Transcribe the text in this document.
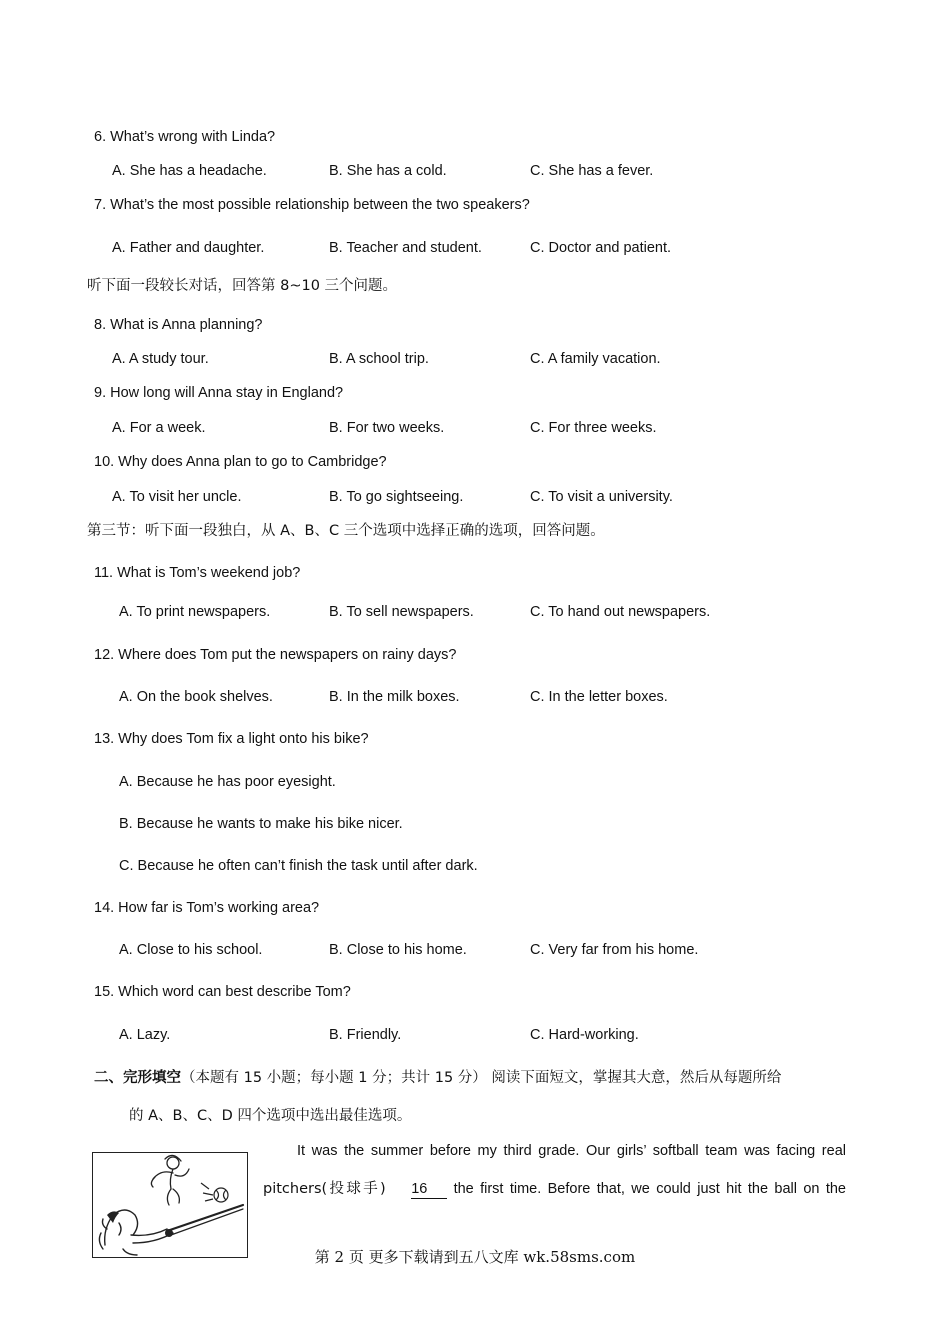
6. What’s wrong with Linda?
A. She has a headache.	B. She has a cold.	C. She has a fever.
7. What’s the most possible relationship between the two speakers?
A. Father and daughter.	B. Teacher and student.	C. Doctor and patient.
听下面一段较长对话，回答第 8~10 三个问题。
8. What is Anna planning?
A. A study tour.	B. A school trip.	C. A family vacation.
9. How long will Anna stay in England?
A. For a week.	B. For two weeks.	C. For three weeks.
10. Why does Anna plan to go to Cambridge?
A. To visit her uncle.	B. To go sightseeing.	C. To visit a university.
第三节：听下面一段独白，从 A、B、C 三个选项中选择正确的选项，回答问题。
11. What is Tom’s weekend job?
A. To print newspapers.	B. To sell newspapers.	C. To hand out newspapers.
12. Where does Tom put the newspapers on rainy days?
A. On the book shelves.	B. In the milk boxes.	C. In the letter boxes.
13. Why does Tom fix a light onto his bike?
A. Because he has poor eyesight.
B. Because he wants to make his bike nicer.
C. Because he often can’t finish the task until after dark.
14. How far is Tom’s working area?
A. Close to his school.	B. Close to his home.	C. Very far from his home.
15. Which word can best describe Tom?
A. Lazy.	B. Friendly.	C. Hard-working.
二、完形填空（本题有 15 小题；每小题 1 分；共计 15 分） 阅读下面短文，掌握其大意，然后从每题所给
的 A、B、C、D 四个选项中选出最佳选项。
It was the summer before my third grade. Our girls’ softball team was facing real
pitchers(投球手) 16 the first time. Before that, we could just hit the ball on the
第 2 页 更多下载请到五八文库 wk.58sms.com
